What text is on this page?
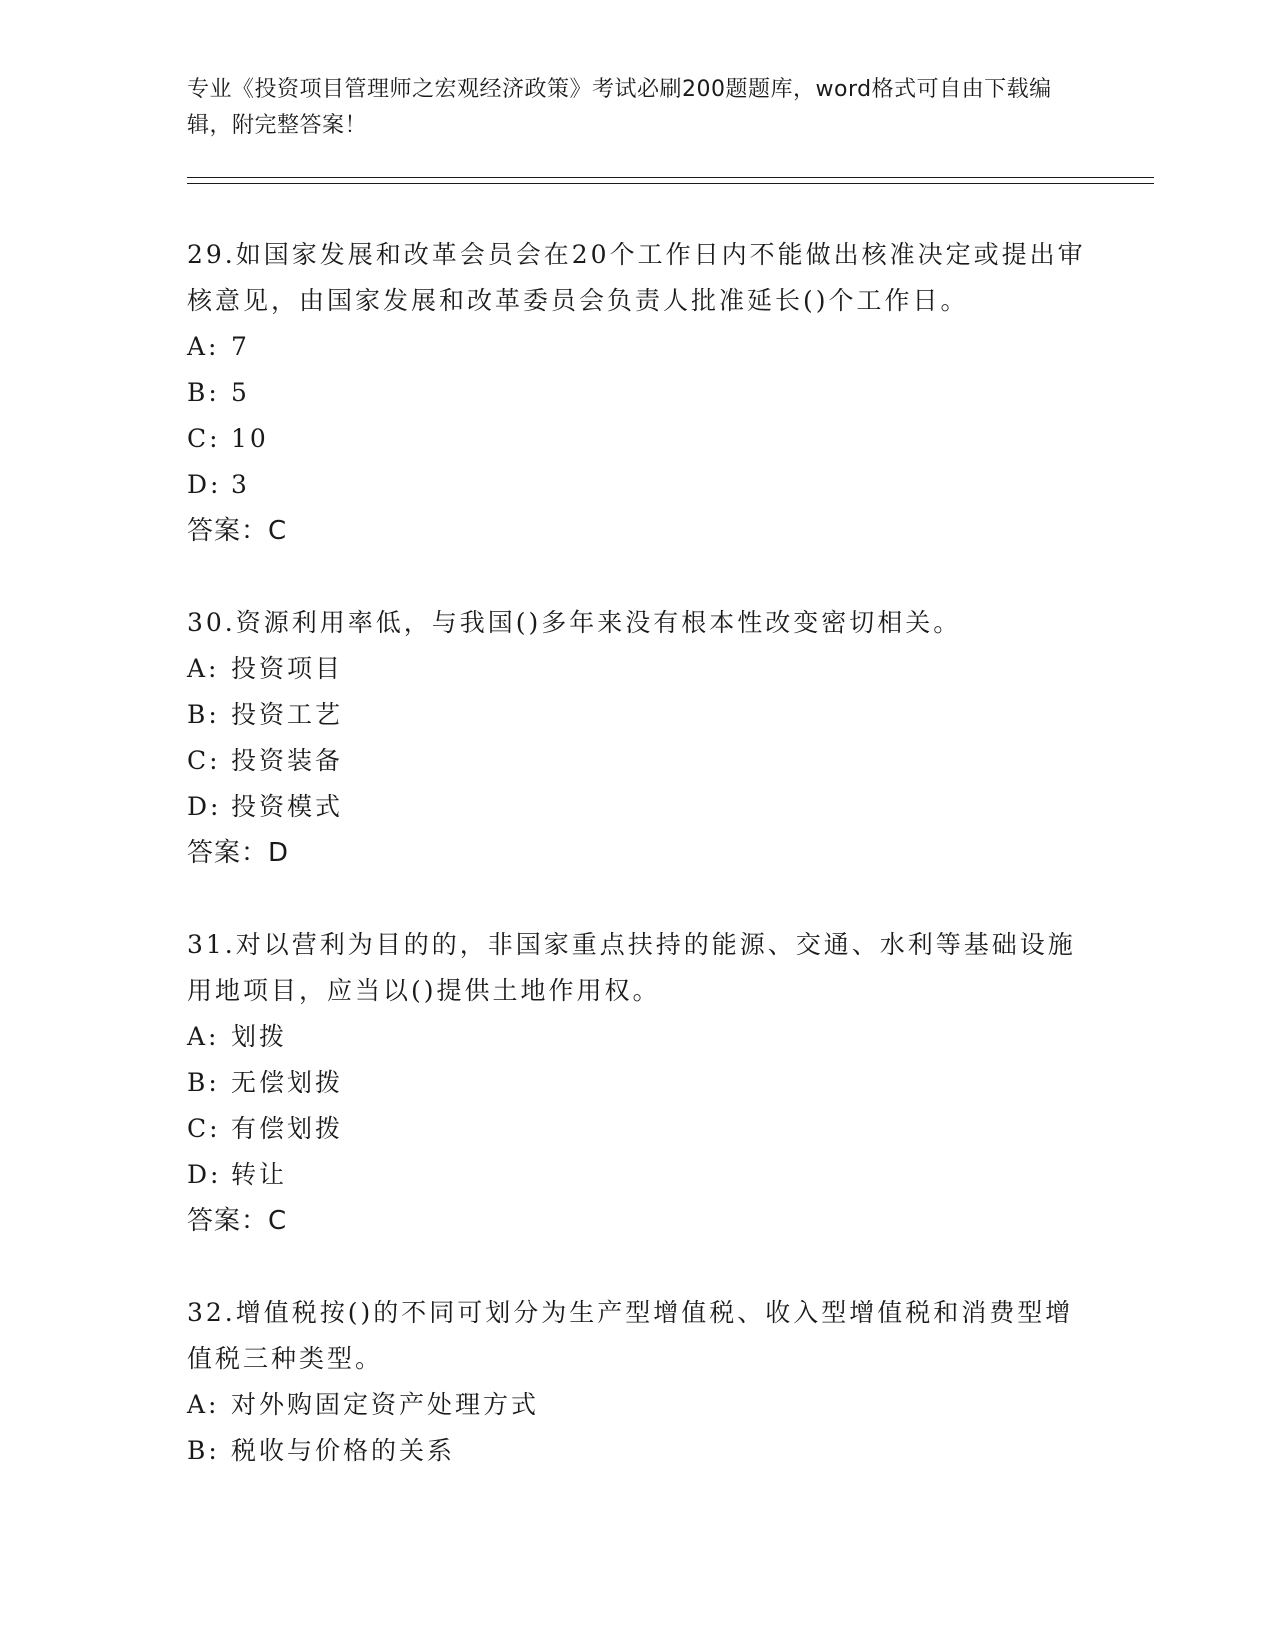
专业《投资项目管理师之宏观经济政策》考试必刷200题题库，word格式可自由下载编辑，附完整答案！
29.如国家发展和改革会员会在20个工作日内不能做出核准决定或提出审核意见，由国家发展和改革委员会负责人批准延长()个工作日。
A: 7
B: 5
C: 10
D: 3
答案：C
30.资源利用率低，与我国()多年来没有根本性改变密切相关。
A: 投资项目
B: 投资工艺
C: 投资装备
D: 投资模式
答案：D
31.对以营利为目的的，非国家重点扶持的能源、交通、水利等基础设施用地项目，应当以()提供土地作用权。
A: 划拨
B: 无偿划拨
C: 有偿划拨
D: 转让
答案：C
32.增值税按()的不同可划分为生产型增值税、收入型增值税和消费型增值税三种类型。
A: 对外购固定资产处理方式
B: 税收与价格的关系
